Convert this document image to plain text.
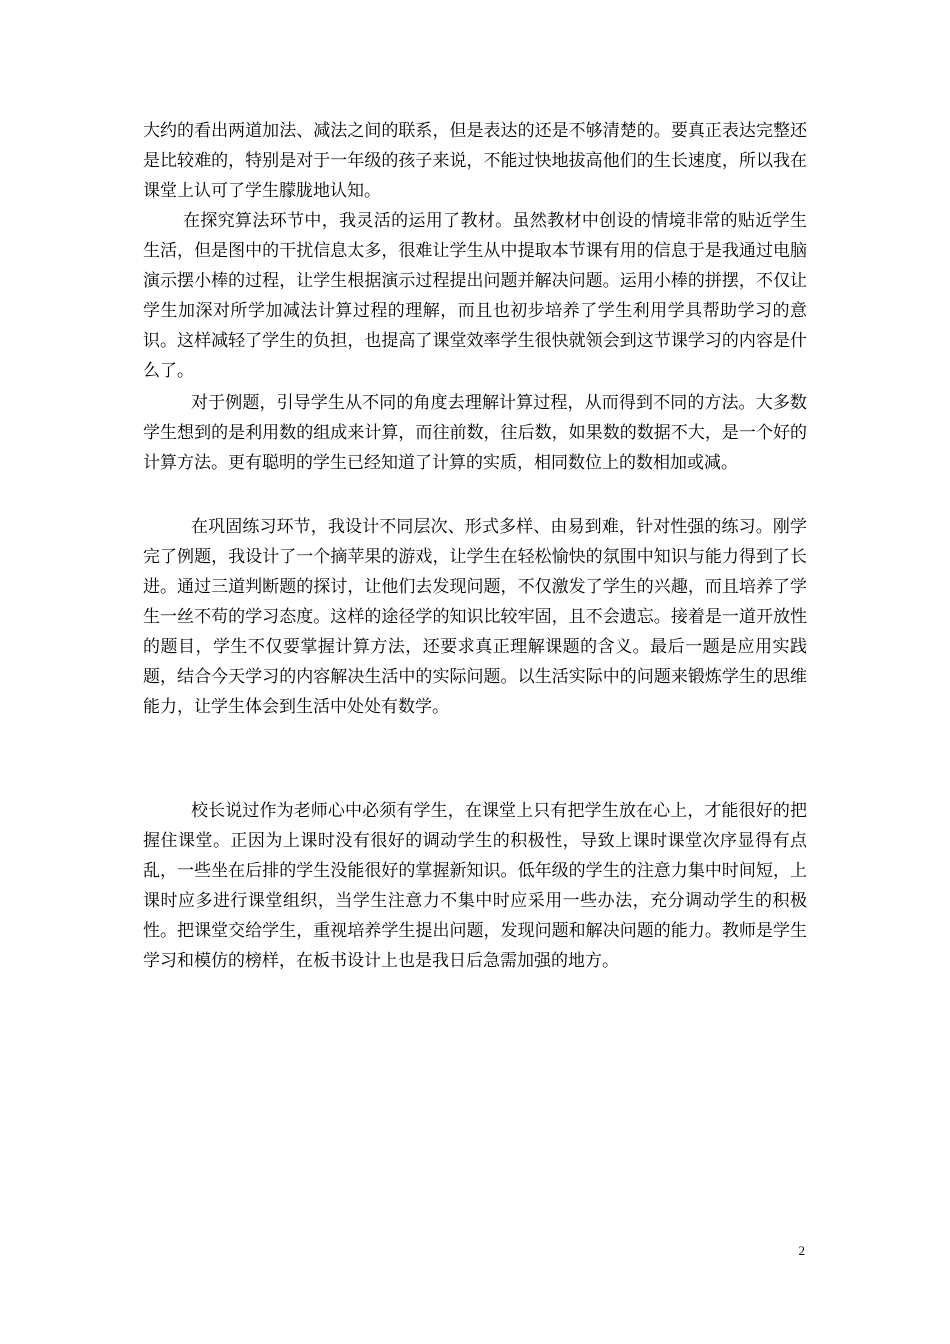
大约的看出两道加法、减法之间的联系，但是表达的还是不够清楚的。要真正表达完整还是比较难的，特别是对于一年级的孩子来说，不能过快地拔高他们的生长速度，所以我在课堂上认可了学生朦胧地认知。
在探究算法环节中，我灵活的运用了教材。虽然教材中创设的情境非常的贴近学生生活，但是图中的干扰信息太多，很难让学生从中提取本节课有用的信息于是我通过电脑演示摆小棒的过程，让学生根据演示过程提出问题并解决问题。运用小棒的拼摆，不仅让学生加深对所学加减法计算过程的理解，而且也初步培养了学生利用学具帮助学习的意识。这样减轻了学生的负担，也提高了课堂效率学生很快就领会到这节课学习的内容是什么了。
对于例题，引导学生从不同的角度去理解计算过程，从而得到不同的方法。大多数学生想到的是利用数的组成来计算，而往前数，往后数，如果数的数据不大，是一个好的计算方法。更有聪明的学生已经知道了计算的实质，相同数位上的数相加或减。
在巩固练习环节，我设计不同层次、形式多样、由易到难，针对性强的练习。刚学完了例题，我设计了一个摘苹果的游戏，让学生在轻松愉快的氛围中知识与能力得到了长进。通过三道判断题的探讨，让他们去发现问题，不仅激发了学生的兴趣，而且培养了学生一丝不苟的学习态度。这样的途径学的知识比较牢固，且不会遗忘。接着是一道开放性的题目，学生不仅要掌握计算方法，还要求真正理解课题的含义。最后一题是应用实践题，结合今天学习的内容解决生活中的实际问题。以生活实际中的问题来锻炼学生的思维能力，让学生体会到生活中处处有数学。
校长说过作为老师心中必须有学生，在课堂上只有把学生放在心上，才能很好的把握住课堂。正因为上课时没有很好的调动学生的积极性，导致上课时课堂次序显得有点乱，一些坐在后排的学生没能很好的掌握新知识。低年级的学生的注意力集中时间短，上课时应多进行课堂组织，当学生注意力不集中时应采用一些办法，充分调动学生的积极性。把课堂交给学生，重视培养学生提出问题，发现问题和解决问题的能力。教师是学生学习和模仿的榜样，在板书设计上也是我日后急需加强的地方。
2
